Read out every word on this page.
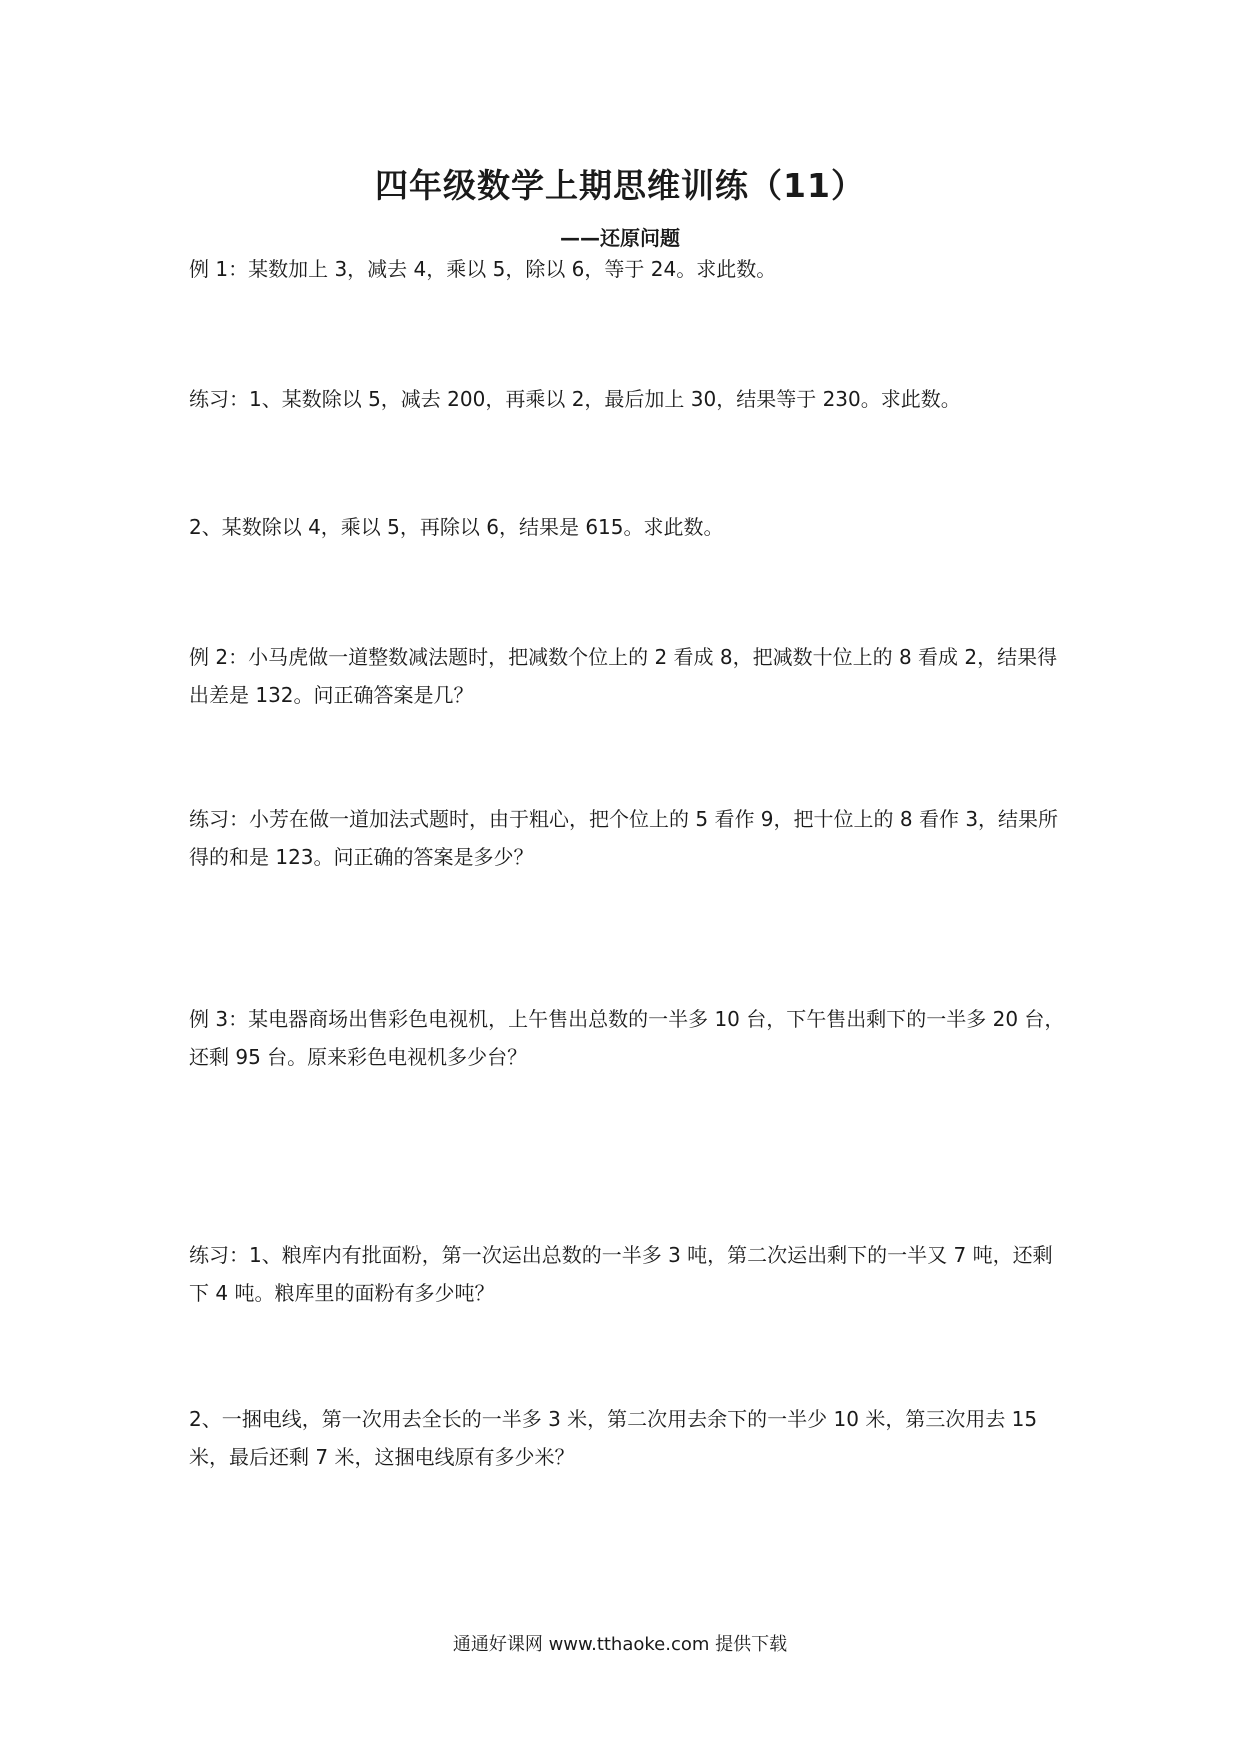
四年级数学上期思维训练（11）
——还原问题
例 1：某数加上 3，减去 4，乘以 5，除以 6，等于 24。求此数。
练习：1、某数除以 5，减去 200，再乘以 2，最后加上 30，结果等于 230。求此数。
2、某数除以 4，乘以 5，再除以 6，结果是 615。求此数。
例 2：小马虎做一道整数减法题时，把减数个位上的 2 看成 8，把减数十位上的 8 看成 2，结果得出差是 132。问正确答案是几？
练习：小芳在做一道加法式题时，由于粗心，把个位上的 5 看作 9，把十位上的 8 看作 3，结果所得的和是 123。问正确的答案是多少？
例 3：某电器商场出售彩色电视机，上午售出总数的一半多 10 台，下午售出剩下的一半多 20 台，还剩 95 台。原来彩色电视机多少台？
练习：1、粮库内有批面粉，第一次运出总数的一半多 3 吨，第二次运出剩下的一半又 7 吨，还剩下 4 吨。粮库里的面粉有多少吨？
2、一捆电线，第一次用去全长的一半多 3 米，第二次用去余下的一半少 10 米，第三次用去 15 米，最后还剩 7 米，这捆电线原有多少米？
通通好课网 www.tthaoke.com 提供下载
